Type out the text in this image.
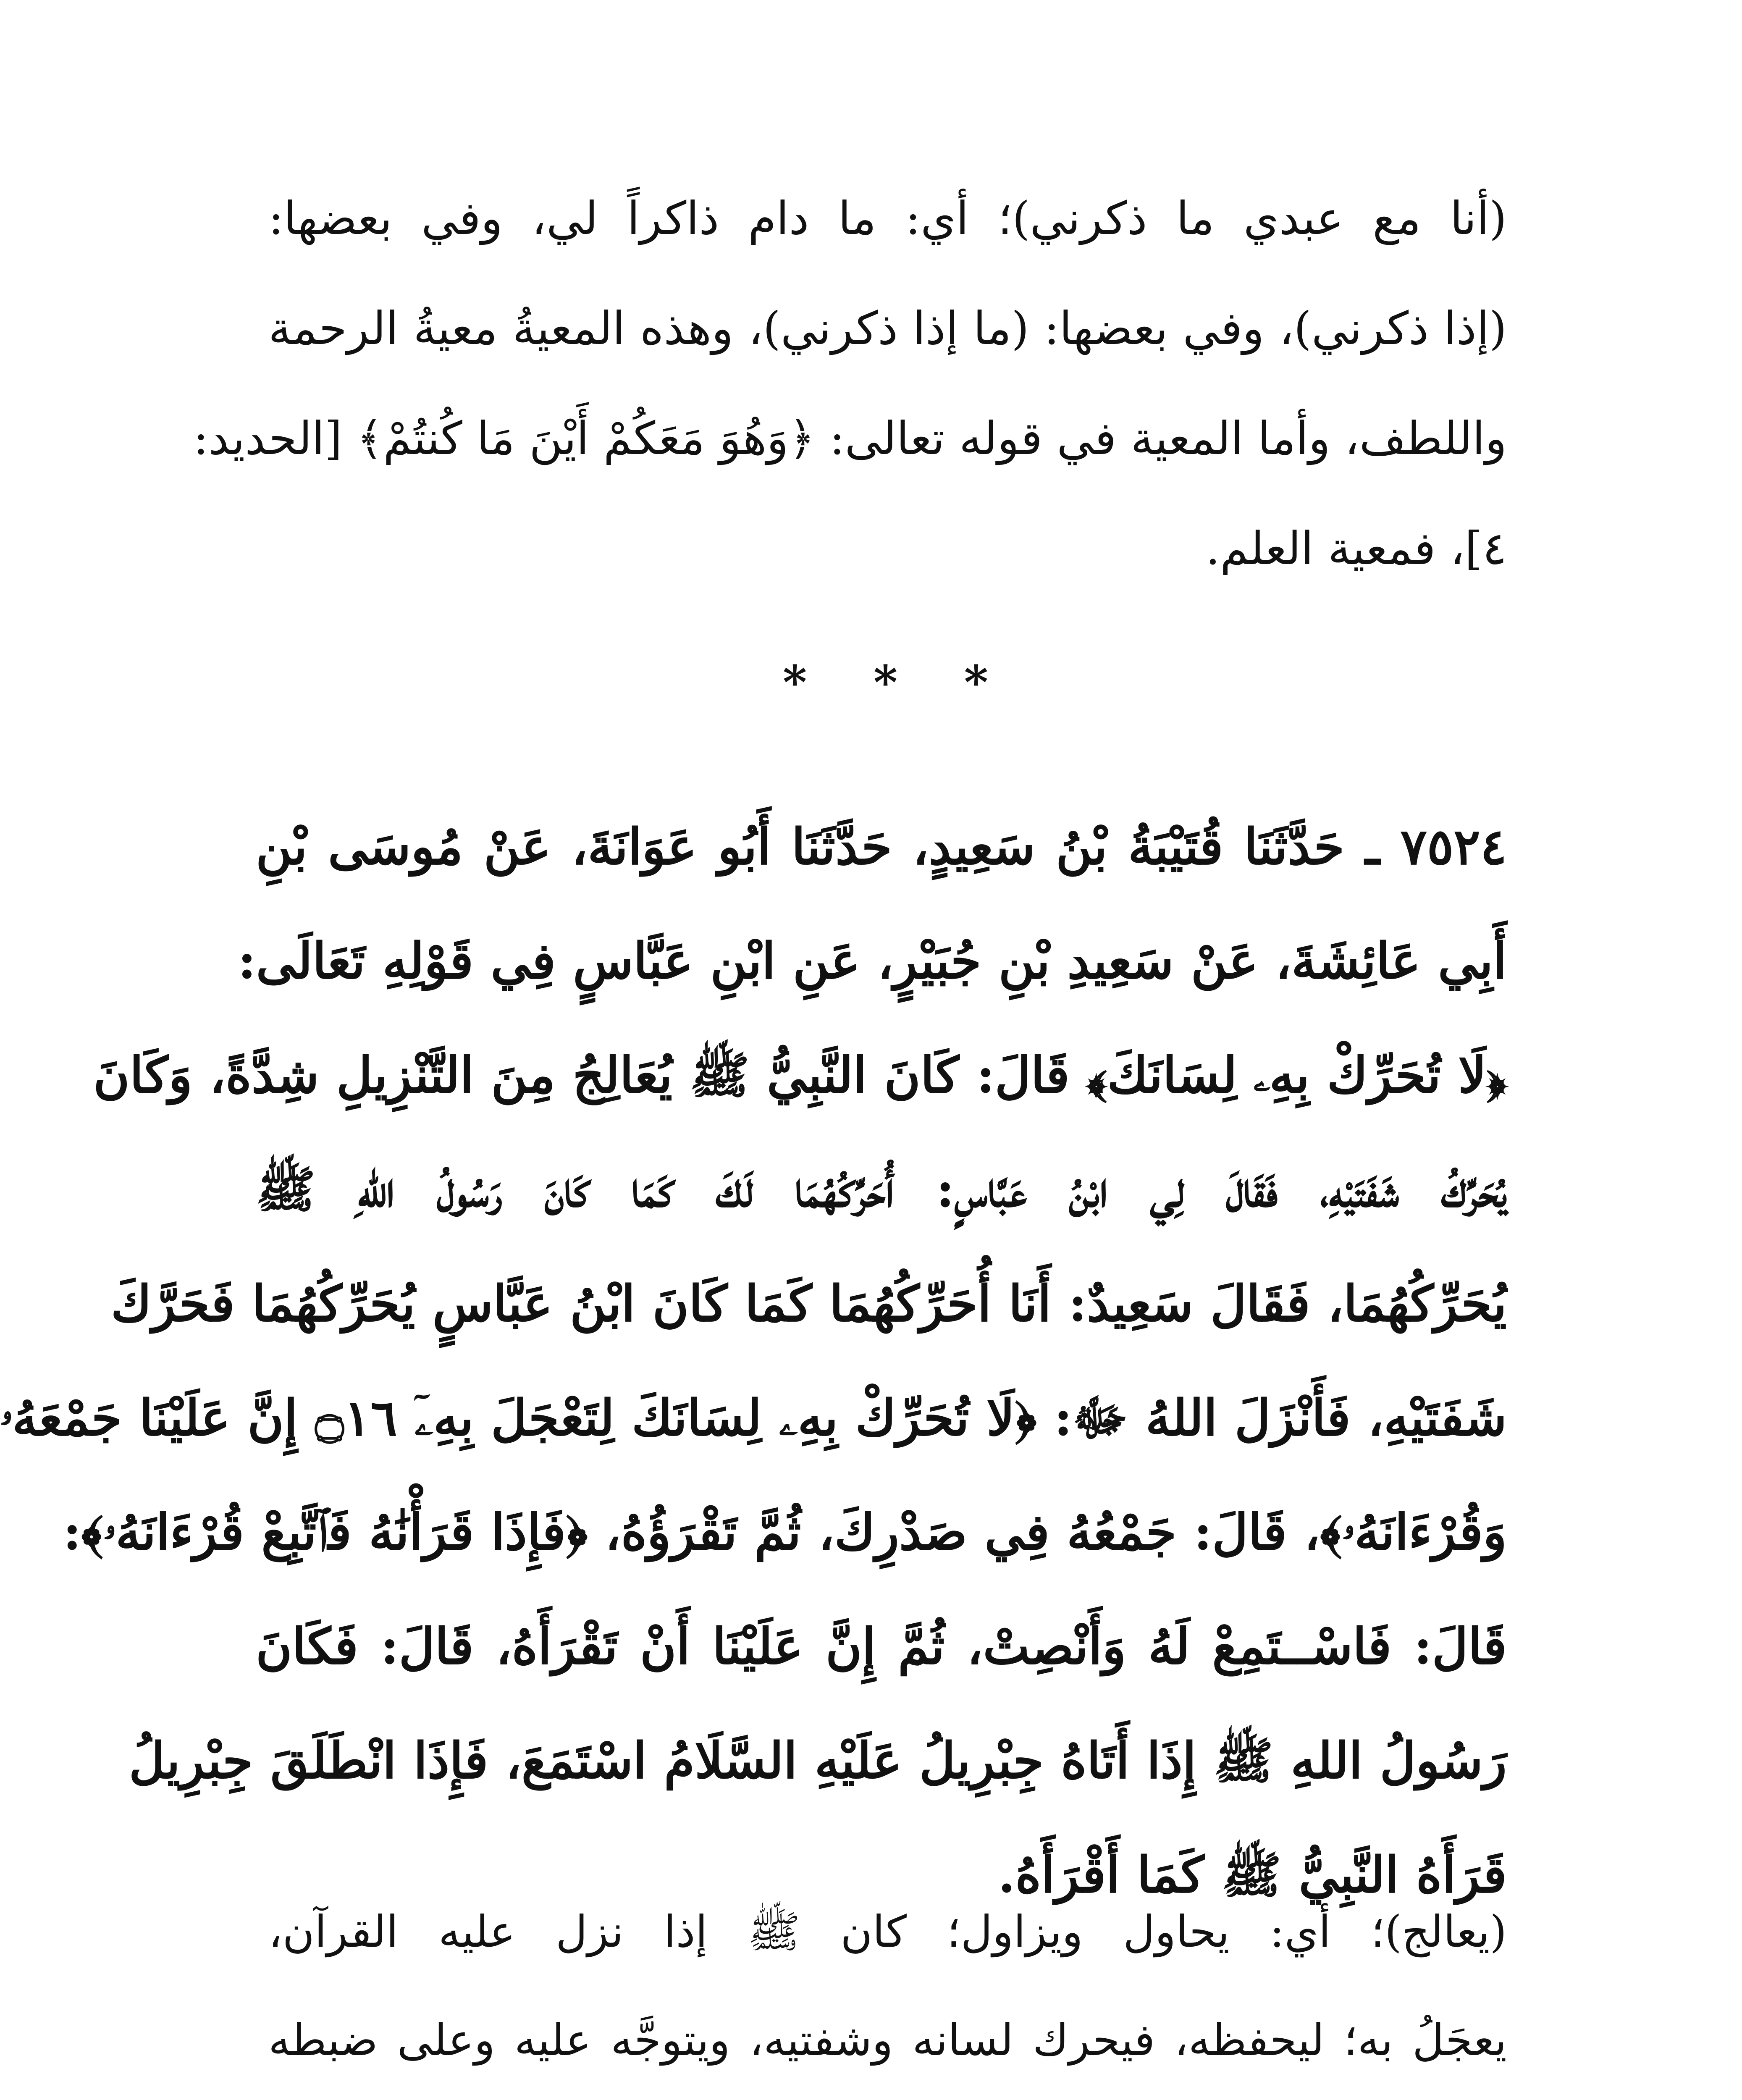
(أنا مع عبدي ما ذكرني)؛ أي: ما دام ذاكراً لي، وفي بعضها:
(إذا ذكرني)، وفي بعضها: (ما إذا ذكرني)، وهذه المعيةُ معيةُ الرحمة
واللطف، وأما المعية في قوله تعالى: ﴿وَهُوَ مَعَكُمْ أَيْنَ مَا كُنتُمْ﴾ [الحديد:
٤]، فمعية العلم.
* * *
٧٥٢٤ ـ حَدَّثَنَا قُتَيْبَةُ بْنُ سَعِيدٍ، حَدَّثَنَا أَبُو عَوَانَةَ، عَنْ مُوسَى بْنِ
أَبِي عَائِشَةَ، عَنْ سَعِيدِ بْنِ جُبَيْرٍ، عَنِ ابْنِ عَبَّاسٍ فِي قَوْلِهِ تَعَالَى:
﴿لَا تُحَرِّكْ بِهِۦ لِسَانَكَ﴾ قَالَ: كَانَ النَّبِيُّ ﷺ يُعَالِجُ مِنَ التَّنْزِيلِ شِدَّةً، وَكَانَ
يُحَرِّكُ شَفَتَيْهِ، فَقَالَ لِي ابْنُ عَبَّاسٍ: أُحَرِّكُهُمَا لَكَ كَمَا كَانَ رَسُولُ اللهِ ﷺ
يُحَرِّكُهُمَا، فَقَالَ سَعِيدٌ: أَنَا أُحَرِّكُهُمَا كَمَا كَانَ ابْنُ عَبَّاسٍ يُحَرِّكُهُمَا فَحَرَّكَ
شَفَتَيْهِ، فَأَنْزَلَ اللهُ ﷻ: ﴿لَا تُحَرِّكْ بِهِۦ لِسَانَكَ لِتَعْجَلَ بِهِۦٓ ۝١٦ إِنَّ عَلَيْنَا جَمْعَهُۥ
وَقُرْءَانَهُۥ﴾، قَالَ: جَمْعُهُ فِي صَدْرِكَ، ثُمَّ تَقْرَؤُهُ، ﴿فَإِذَا قَرَأْنَٰهُ فَٱتَّبِعْ قُرْءَانَهُۥ﴾:
قَالَ: فَاسْــتَمِعْ لَهُ وَأَنْصِتْ، ثُمَّ إِنَّ عَلَيْنَا أَنْ تَقْرَأَهُ، قَالَ: فَكَانَ
رَسُولُ اللهِ ﷺ إِذَا أَتَاهُ جِبْرِيلُ عَلَيْهِ السَّلَامُ اسْتَمَعَ، فَإِذَا انْطَلَقَ جِبْرِيلُ
قَرَأَهُ النَّبِيُّ ﷺ كَمَا أَقْرَأَهُ.
(يعالج)؛ أي: يحاول ويزاول؛ كان ﷺ إذا نزل عليه القرآن،
يعجَلُ به؛ ليحفظه، فيحرك لسانه وشفتيه، ويتوجَّه عليه وعلى ضبطه
